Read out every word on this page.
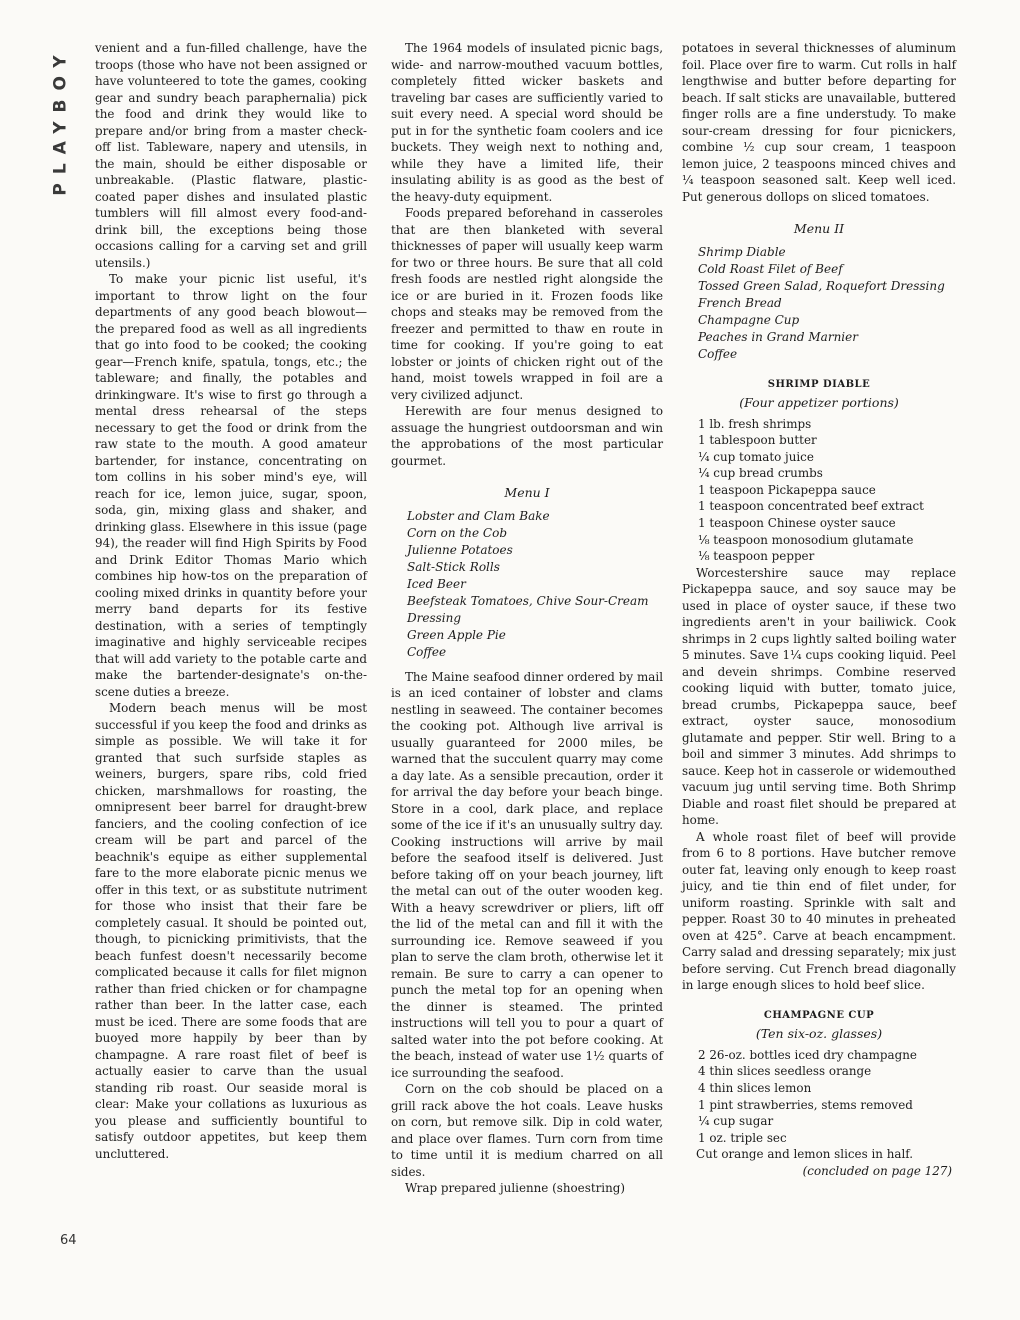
PLAYBOY
64

venient and a fun-filled challenge, have the troops (those who have not been assigned or have volunteered to tote the games, cooking gear and sundry beach paraphernalia) pick the food and drink they would like to prepare and/or bring from a master check-off list. Tableware, napery and utensils, in the main, should be either disposable or unbreakable. (Plastic flatware, plastic-coated paper dishes and insulated plastic tumblers will fill almost every food-and-drink bill, the exceptions being those occasions calling for a carving set and grill utensils.)

To make your picnic list useful, it's important to throw light on the four departments of any good beach blowout—the prepared food as well as all ingredients that go into food to be cooked; the cooking gear—French knife, spatula, tongs, etc.; the tableware; and finally, the potables and drinkingware. It's wise to first go through a mental dress rehearsal of the steps necessary to get the food or drink from the raw state to the mouth. A good amateur bartender, for instance, concentrating on tom collins in his sober mind's eye, will reach for ice, lemon juice, sugar, spoon, soda, gin, mixing glass and shaker, and drinking glass. Elsewhere in this issue (page 94), the reader will find High Spirits by Food and Drink Editor Thomas Mario which combines hip how-tos on the preparation of cooling mixed drinks in quantity before your merry band departs for its festive destination, with a series of temptingly imaginative and highly serviceable recipes that will add variety to the potable carte and make the bartender-designate's on-the-scene duties a breeze.

Modern beach menus will be most successful if you keep the food and drinks as simple as possible. We will take it for granted that such surfside staples as weiners, burgers, spare ribs, cold fried chicken, marshmallows for roasting, the omnipresent beer barrel for draught-brew fanciers, and the cooling confection of ice cream will be part and parcel of the beachnik's equipe as either supplemental fare to the more elaborate picnic menus we offer in this text, or as substitute nutriment for those who insist that their fare be completely casual. It should be pointed out, though, to picnicking primitivists, that the beach funfest doesn't necessarily become complicated because it calls for filet mignon rather than fried chicken or for champagne rather than beer. In the latter case, each must be iced. There are some foods that are buoyed more happily by beer than by champagne. A rare roast filet of beef is actually easier to carve than the usual standing rib roast. Our seaside moral is clear: Make your collations as luxurious as you please and sufficiently bountiful to satisfy outdoor appetites, but keep them uncluttered.

The 1964 models of insulated picnic bags, wide- and narrow-mouthed vacuum bottles, completely fitted wicker baskets and traveling bar cases are sufficiently varied to suit every need. A special word should be put in for the synthetic foam coolers and ice buckets. They weigh next to nothing and, while they have a limited life, their insulating ability is as good as the best of the heavy-duty equipment.

Foods prepared beforehand in casseroles that are then blanketed with several thicknesses of paper will usually keep warm for two or three hours. Be sure that all cold fresh foods are nestled right alongside the ice or are buried in it. Frozen foods like chops and steaks may be removed from the freezer and permitted to thaw en route in time for cooking. If you're going to eat lobster or joints of chicken right out of the hand, moist towels wrapped in foil are a very civilized adjunct.

Herewith are four menus designed to assuage the hungriest outdoorsman and win the approbations of the most particular gourmet.

Menu I
Lobster and Clam Bake
Corn on the Cob
Julienne Potatoes
Salt-Stick Rolls
Iced Beer
Beefsteak Tomatoes, Chive Sour-Cream Dressing
Green Apple Pie
Coffee

The Maine seafood dinner ordered by mail is an iced container of lobster and clams nestling in seaweed. The container becomes the cooking pot. Although live arrival is usually guaranteed for 2000 miles, be warned that the succulent quarry may come a day late. As a sensible precaution, order it for arrival the day before your beach binge. Store in a cool, dark place, and replace some of the ice if it's an unusually sultry day. Cooking instructions will arrive by mail before the seafood itself is delivered. Just before taking off on your beach journey, lift the metal can out of the outer wooden keg. With a heavy screwdriver or pliers, lift off the lid of the metal can and fill it with the surrounding ice. Remove seaweed if you plan to serve the clam broth, otherwise let it remain. Be sure to carry a can opener to punch the metal top for an opening when the dinner is steamed. The printed instructions will tell you to pour a quart of salted water into the pot before cooking. At the beach, instead of water use 1½ quarts of ice surrounding the seafood.

Corn on the cob should be placed on a grill rack above the hot coals. Leave husks on corn, but remove silk. Dip in cold water, and place over flames. Turn corn from time to time until it is medium charred on all sides.

Wrap prepared julienne (shoestring)

potatoes in several thicknesses of aluminum foil. Place over fire to warm. Cut rolls in half lengthwise and butter before departing for beach. If salt sticks are unavailable, buttered finger rolls are a fine understudy. To make sour-cream dressing for four picnickers, combine ½ cup sour cream, 1 teaspoon lemon juice, 2 teaspoons minced chives and ¼ teaspoon seasoned salt. Keep well iced. Put generous dollops on sliced tomatoes.

Menu II
Shrimp Diable
Cold Roast Filet of Beef
Tossed Green Salad, Roquefort Dressing
French Bread
Champagne Cup
Peaches in Grand Marnier
Coffee
SHRIMP DIABLE
(Four appetizer portions)
1 lb. fresh shrimps
1 tablespoon butter
¼ cup tomato juice
¼ cup bread crumbs
1 teaspoon Pickapeppa sauce
1 teaspoon concentrated beef extract
1 teaspoon Chinese oyster sauce
⅛ teaspoon monosodium glutamate
⅛ teaspoon pepper

Worcestershire sauce may replace Pickapeppa sauce, and soy sauce may be used in place of oyster sauce, if these two ingredients aren't in your bailiwick. Cook shrimps in 2 cups lightly salted boiling water 5 minutes. Save 1¼ cups cooking liquid. Peel and devein shrimps. Combine reserved cooking liquid with butter, tomato juice, bread crumbs, Pickapeppa sauce, beef extract, oyster sauce, monosodium glutamate and pepper. Stir well. Bring to a boil and simmer 3 minutes. Add shrimps to sauce. Keep hot in casserole or widemouthed vacuum jug until serving time. Both Shrimp Diable and roast filet should be prepared at home.

A whole roast filet of beef will provide from 6 to 8 portions. Have butcher remove outer fat, leaving only enough to keep roast juicy, and tie thin end of filet under, for uniform roasting. Sprinkle with salt and pepper. Roast 30 to 40 minutes in preheated oven at 425°. Carve at beach encampment. Carry salad and dressing separately; mix just before serving. Cut French bread diagonally in large enough slices to hold beef slice.

CHAMPAGNE CUP
(Ten six-oz. glasses)
2 26-oz. bottles iced dry champagne
4 thin slices seedless orange
4 thin slices lemon
1 pint strawberries, stems removed
¼ cup sugar
1 oz. triple sec

Cut orange and lemon slices in half.

(concluded on page 127)
